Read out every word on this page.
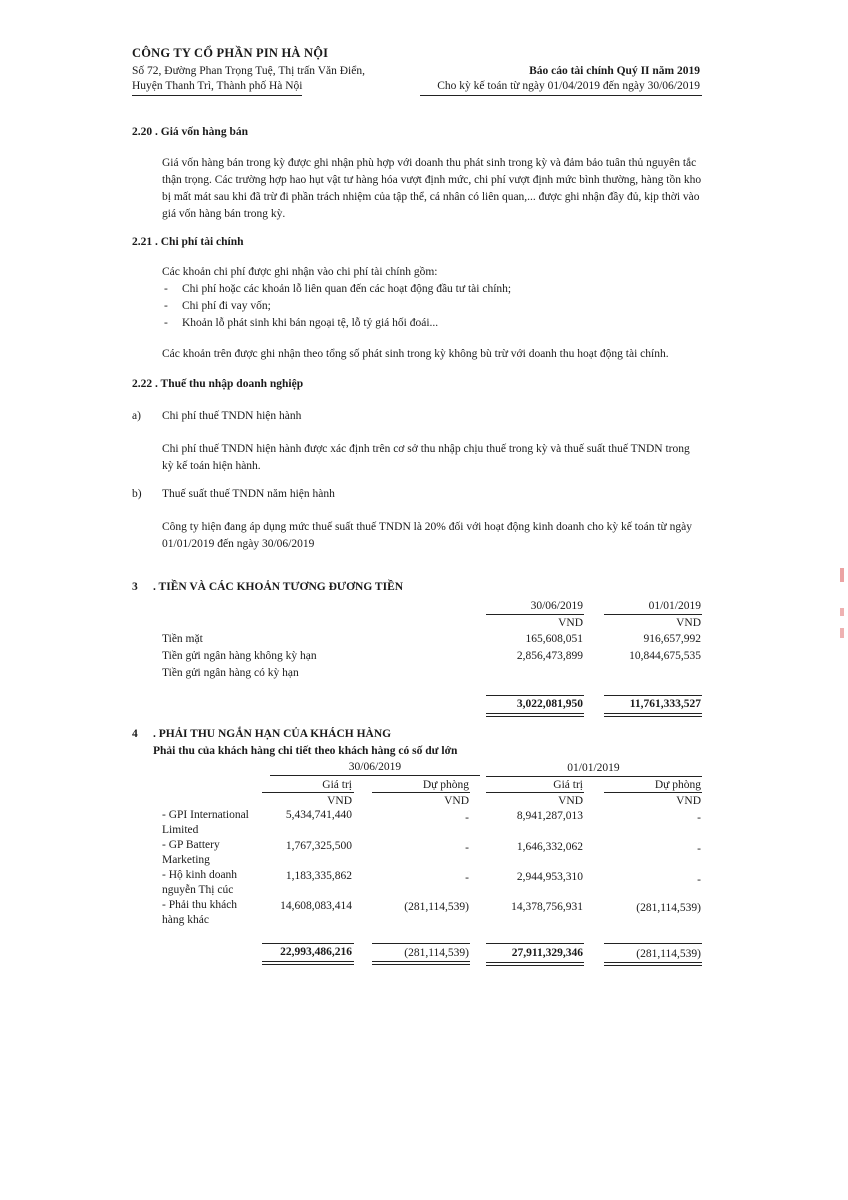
CÔNG TY CỔ PHẦN PIN HÀ NỘI
Số 72, Đường Phan Trọng Tuệ, Thị trấn Văn Điển,
Huyện Thanh Trì, Thành phố Hà Nội
Báo cáo tài chính Quý II năm 2019
Cho kỳ kế toán từ ngày 01/04/2019 đến ngày 30/06/2019
2.20 . Giá vốn hàng bán
Giá vốn hàng bán trong kỳ được ghi nhận phù hợp với doanh thu phát sinh trong kỳ và đảm bảo tuân thủ nguyên tắc thận trọng. Các trường hợp hao hụt vật tư hàng hóa vượt định mức, chi phí vượt định mức bình thường, hàng tồn kho bị mất mát sau khi đã trừ đi phần trách nhiệm của tập thể, cá nhân có liên quan,... được ghi nhận đầy đủ, kịp thời vào giá vốn hàng bán trong kỳ.
2.21 . Chi phí tài chính
Các khoản chi phí được ghi nhận vào chi phí tài chính gồm:
- Chi phí hoặc các khoản lỗ liên quan đến các hoạt động đầu tư tài chính;
- Chi phí đi vay vốn;
- Khoản lỗ phát sinh khi bán ngoại tệ, lỗ tỷ giá hối đoái...
Các khoản trên được ghi nhận theo tổng số phát sinh trong kỳ không bù trừ với doanh thu hoạt động tài chính.
2.22 . Thuế thu nhập doanh nghiệp
a) Chi phí thuế TNDN hiện hành
Chi phí thuế TNDN hiện hành được xác định trên cơ sở thu nhập chịu thuế trong kỳ và thuế suất thuế TNDN trong kỳ kế toán hiện hành.
b) Thuế suất thuế TNDN năm hiện hành
Công ty hiện đang áp dụng mức thuế suất thuế TNDN là 20% đối với hoạt động kinh doanh cho kỳ kế toán từ ngày 01/01/2019 đến ngày 30/06/2019
3 . TIỀN VÀ CÁC KHOẢN TƯƠNG ĐƯƠNG TIỀN
30/06/2019	01/01/2019
VND	VND
Tiền mặt	165,608,051	916,657,992
Tiền gửi ngân hàng không kỳ hạn	2,856,473,899	10,844,675,535
Tiền gửi ngân hàng có kỳ hạn
3,022,081,950	11,761,333,527
4 . PHẢI THU NGẮN HẠN CỦA KHÁCH HÀNG
Phải thu của khách hàng chi tiết theo khách hàng có số dư lớn
30/06/2019	01/01/2019
Giá trị	Dự phòng	Giá trị	Dự phòng
VND	VND	VND	VND
- GPI International
Limited
5,434,741,440	-	8,941,287,013	-
- GP Battery
Marketing
1,767,325,500	-	1,646,332,062	-
- Hộ kinh doanh
nguyễn Thị cúc
1,183,335,862	-	2,944,953,310	-
- Phải thu khách
hàng khác
14,608,083,414	(281,114,539)	14,378,756,931	(281,114,539)
22,993,486,216	(281,114,539)	27,911,329,346	(281,114,539)
